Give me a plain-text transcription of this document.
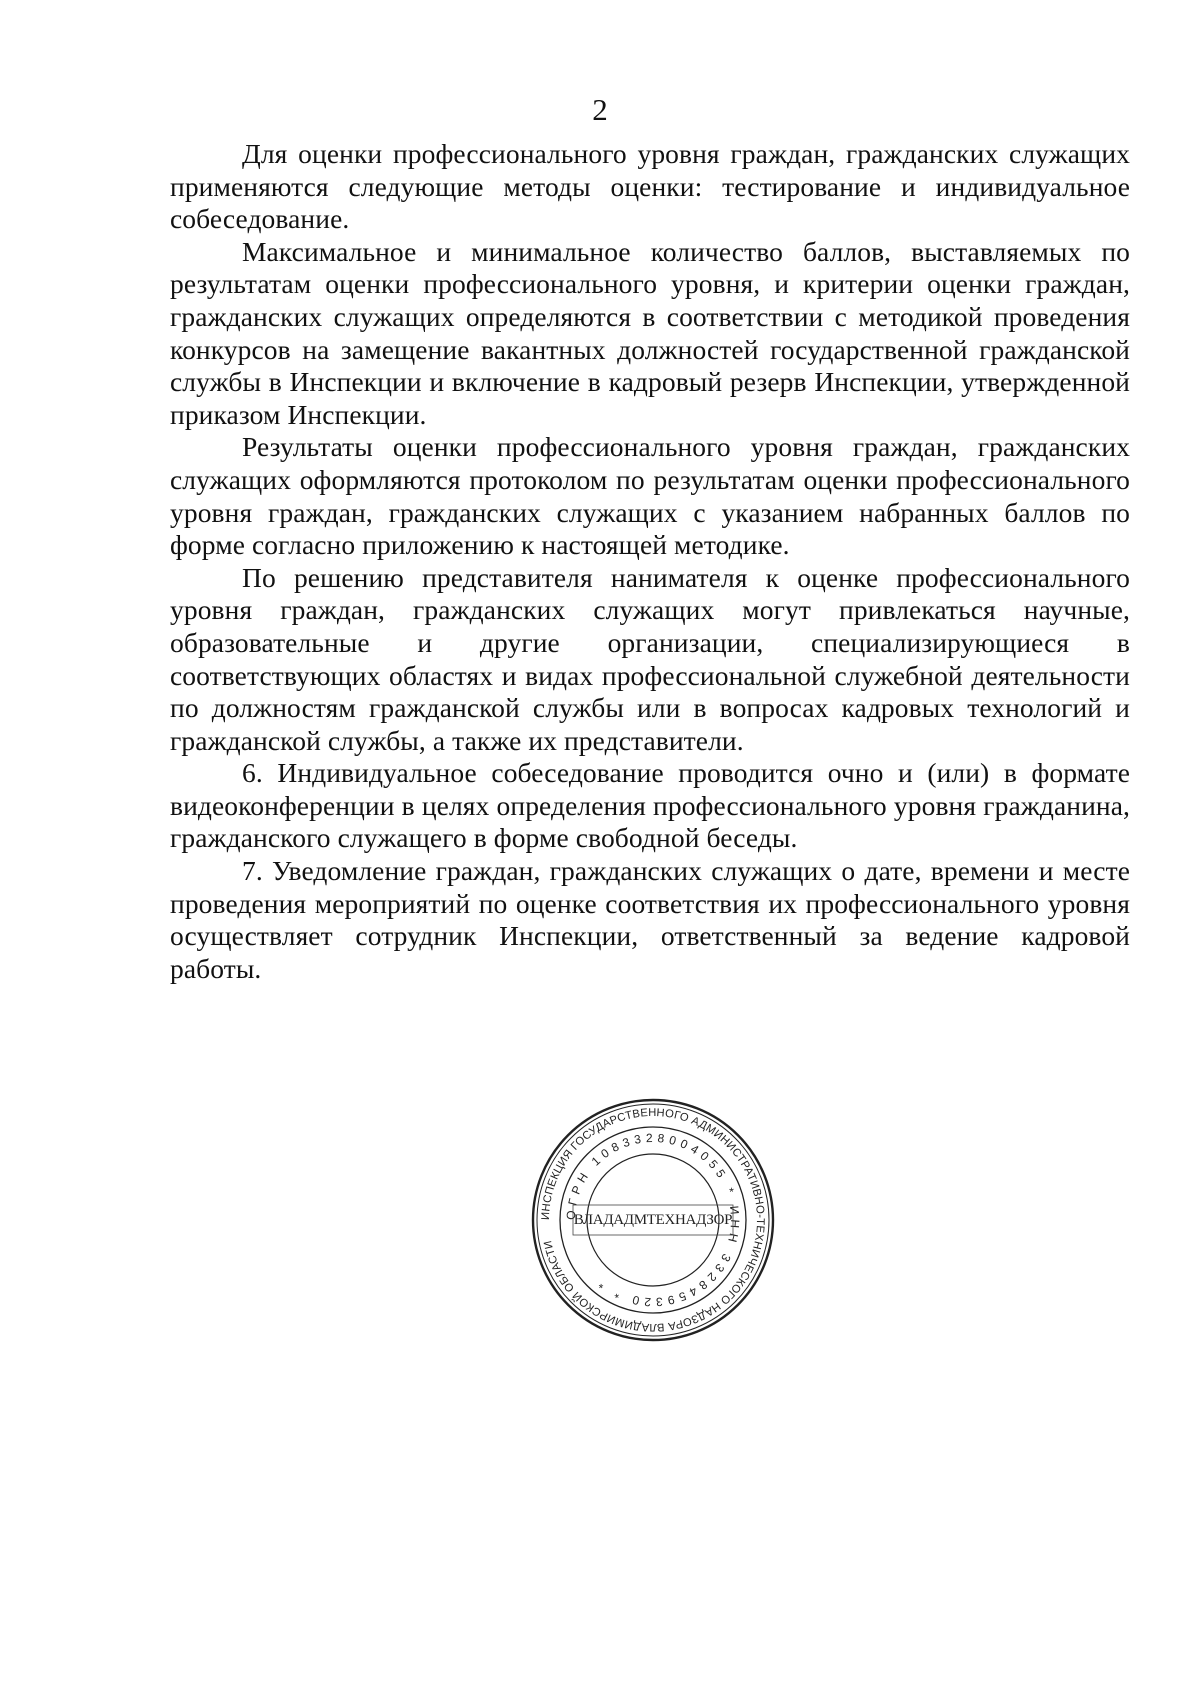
2

Для оценки профессионального уровня граждан, гражданских служащих применяются следующие методы оценки: тестирование и индивидуальное собеседование.

Максимальное и минимальное количество баллов, выставляемых по результатам оценки профессионального уровня, и критерии оценки граждан, гражданских служащих определяются в соответствии с методикой проведения конкурсов на замещение вакантных должностей государственной гражданской службы в Инспекции и включение в кадровый резерв Инспекции, утвержденной приказом Инспекции.

Результаты оценки профессионального уровня граждан, гражданских служащих оформляются протоколом по результатам оценки профессионального уровня граждан, гражданских служащих с указанием набранных баллов по форме согласно приложению к настоящей методике.

По решению представителя нанимателя к оценке профессионального уровня граждан, гражданских служащих могут привлекаться научные, образовательные и другие организации, специализирующиеся в соответствующих областях и видах профессиональной служебной деятельности по должностям гражданской службы или в вопросах кадровых технологий и гражданской службы, а также их представители.

6. Индивидуальное собеседование проводится очно и (или) в формате видеоконференции в целях определения профессионального уровня гражданина, гражданского служащего в форме свободной беседы.

7. Уведомление граждан, гражданских служащих о дате, времени и месте проведения мероприятий по оценке соответствия их профессионального уровня осуществляет сотрудник Инспекции, ответственный за ведение кадровой работы.

ИНСПЕКЦИЯ ГОСУДАРСТВЕННОГО АДМИНИСТРАТИВНО-ТЕХНИЧЕСКОГО НАДЗОРА ВЛАДИМИРСКОЙ ОБЛАСТИ
ОГРН 1083328004055 * ИНН 3328459320 * *
ВЛАДАДМТЕХНАДЗОР
